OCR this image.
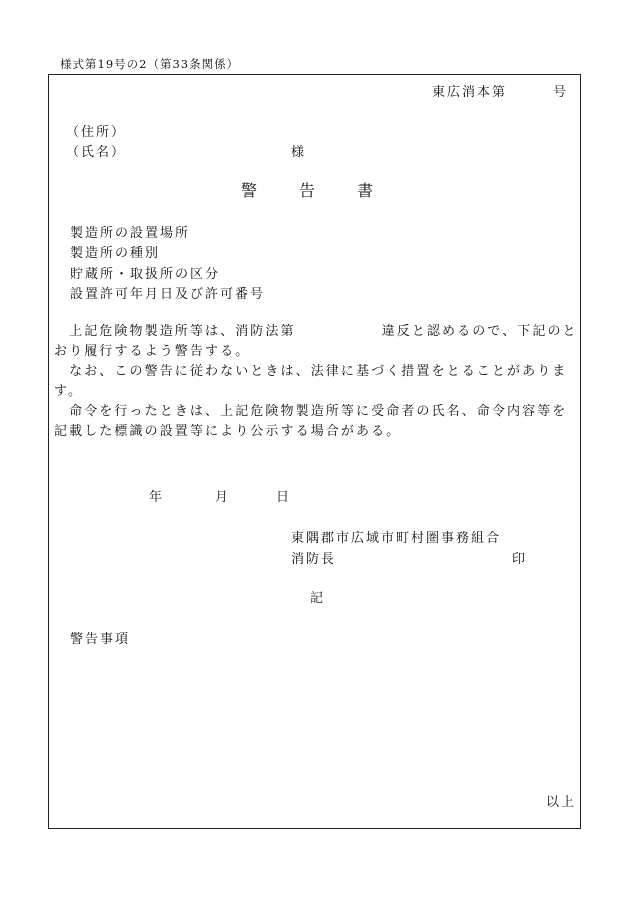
様式第19号の2（第33条関係）
東広消本第	号
（住所）
（氏名）	様
警	告	書
製造所の設置場所
製造所の種別
貯蔵所・取扱所の区分
設置許可年月日及び許可番号

　上記危険物製造所等は、消防法第	違反と認めるので、下記のとおり履行するよう警告する。

　なお、この警告に従わないときは、法律に基づく措置をとることがあります。

　命令を行ったときは、上記危険物製造所等に受命者の氏名、命令内容等を記載した標識の設置等により公示する場合がある。

年	月	日
東隅郡市広域市町村圏事務組合
消防長	印
記
警告事項
以上
